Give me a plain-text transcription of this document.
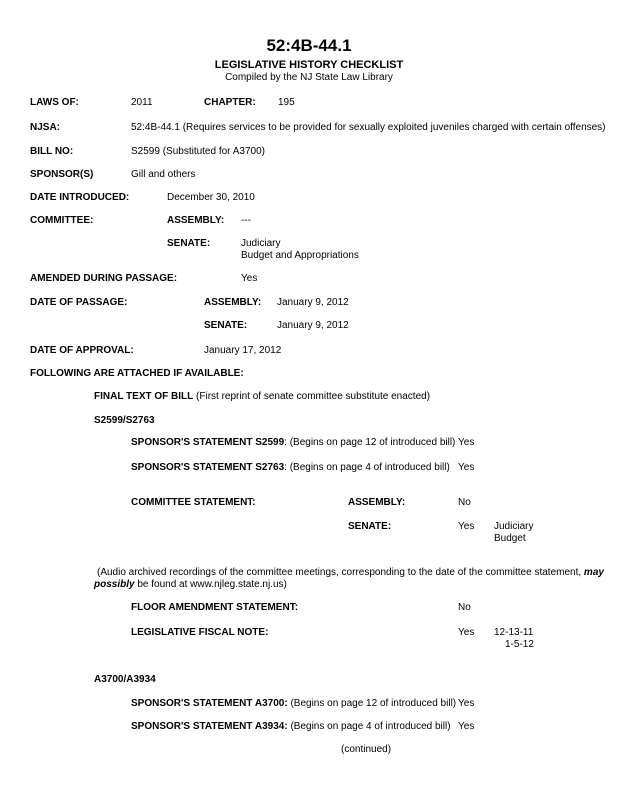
52:4B-44.1
LEGISLATIVE HISTORY CHECKLIST
Compiled by the NJ State Law Library
LAWS OF:	2011	CHAPTER: 195
NJSA:	52:4B-44.1 (Requires services to be provided for sexually exploited juveniles charged with certain offenses)
BILL NO:	S2599 (Substituted for A3700)
SPONSOR(S)	Gill and others
DATE INTRODUCED:	December 30, 2010
COMMITTEE:	ASSEMBLY: ---
SENATE:	Judiciary
Budget and Appropriations
AMENDED DURING PASSAGE:	Yes
DATE OF PASSAGE:	ASSEMBLY: January 9, 2012
SENATE:	January 9, 2012
DATE OF APPROVAL:	January 17, 2012
FOLLOWING ARE ATTACHED IF AVAILABLE:
FINAL TEXT OF BILL (First reprint of senate committee substitute enacted)
S2599/S2763
SPONSOR'S STATEMENT S2599: (Begins on page 12 of introduced bill) Yes
SPONSOR'S STATEMENT S2763: (Begins on page 4 of introduced bill) Yes
COMMITTEE STATEMENT:	ASSEMBLY:	No
SENATE:	Yes Judiciary
Budget
(Audio archived recordings of the committee meetings, corresponding to the date of the committee statement, may
possibly be found at www.njleg.state.nj.us)
FLOOR AMENDMENT STATEMENT:	No
LEGISLATIVE FISCAL NOTE:	Yes 12-13-11
1-5-12
A3700/A3934
SPONSOR'S STATEMENT A3700: (Begins on page 12 of introduced bill) Yes
SPONSOR'S STATEMENT A3934: (Begins on page 4 of introduced bill) Yes
(continued)
